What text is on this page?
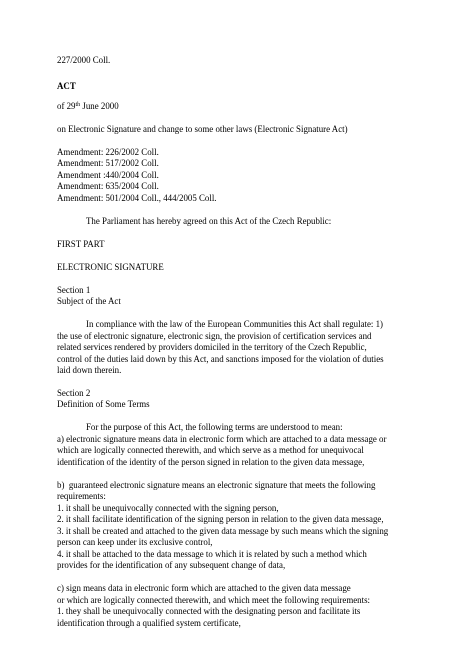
227/2000 Coll.
ACT
of 29th June 2000
on Electronic Signature and change to some other laws (Electronic Signature Act)
Amendment: 226/2002 Coll.
Amendment: 517/2002 Coll.
Amendment :440/2004 Coll.
Amendment: 635/2004 Coll.
Amendment: 501/2004 Coll., 444/2005 Coll.
The Parliament has hereby agreed on this Act of the Czech Republic:
FIRST PART
ELECTRONIC SIGNATURE
Section 1
Subject of the Act
In compliance with the law of the European Communities this Act shall regulate: 1)
the use of electronic signature, electronic sign, the provision of certification services and
related services rendered by providers domiciled in the territory of the Czech Republic,
control of the duties laid down by this Act, and sanctions imposed for the violation of duties
laid down therein.
Section 2
Definition of Some Terms
For the purpose of this Act, the following terms are understood to mean:
a) electronic signature means data in electronic form which are attached to a data message or
which are logically connected therewith, and which serve as a method for unequivocal
identification of the identity of the person signed in relation to the given data message,
b)  guaranteed electronic signature means an electronic signature that meets the following
requirements:
1. it shall be unequivocally connected with the signing person,
2. it shall facilitate identification of the signing person in relation to the given data message,
3. it shall be created and attached to the given data message by such means which the signing
person can keep under its exclusive control,
4. it shall be attached to the data message to which it is related by such a method which
provides for the identification of any subsequent change of data,
c) sign means data in electronic form which are attached to the given data message
or which are logically connected therewith, and which meet the following requirements:
1. they shall be unequivocally connected with the designating person and facilitate its
identification through a qualified system certificate,
